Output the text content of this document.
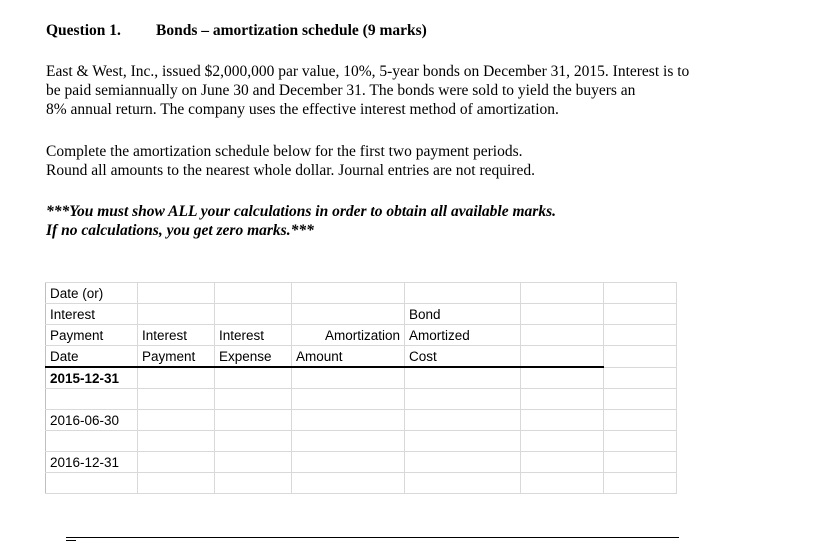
Question 1. Bonds – amortization schedule (9 marks)
East & West, Inc., issued $2,000,000 par value, 10%, 5-year bonds on December 31, 2015. Interest is to
be paid semiannually on June 30 and December 31. The bonds were sold to yield the buyers an
8% annual return. The company uses the effective interest method of amortization.
Complete the amortization schedule below for the first two payment periods.
Round all amounts to the nearest whole dollar. Journal entries are not required.
***You must show ALL your calculations in order to obtain all available marks.
If no calculations, you get zero marks.***
Date (or)						
Interest				Bond		
Payment	Interest	Interest	Amortization	Amortized		
Date	Payment	Expense	Amount	Cost		
2015-12-31						

2016-06-30						

2016-12-31						
